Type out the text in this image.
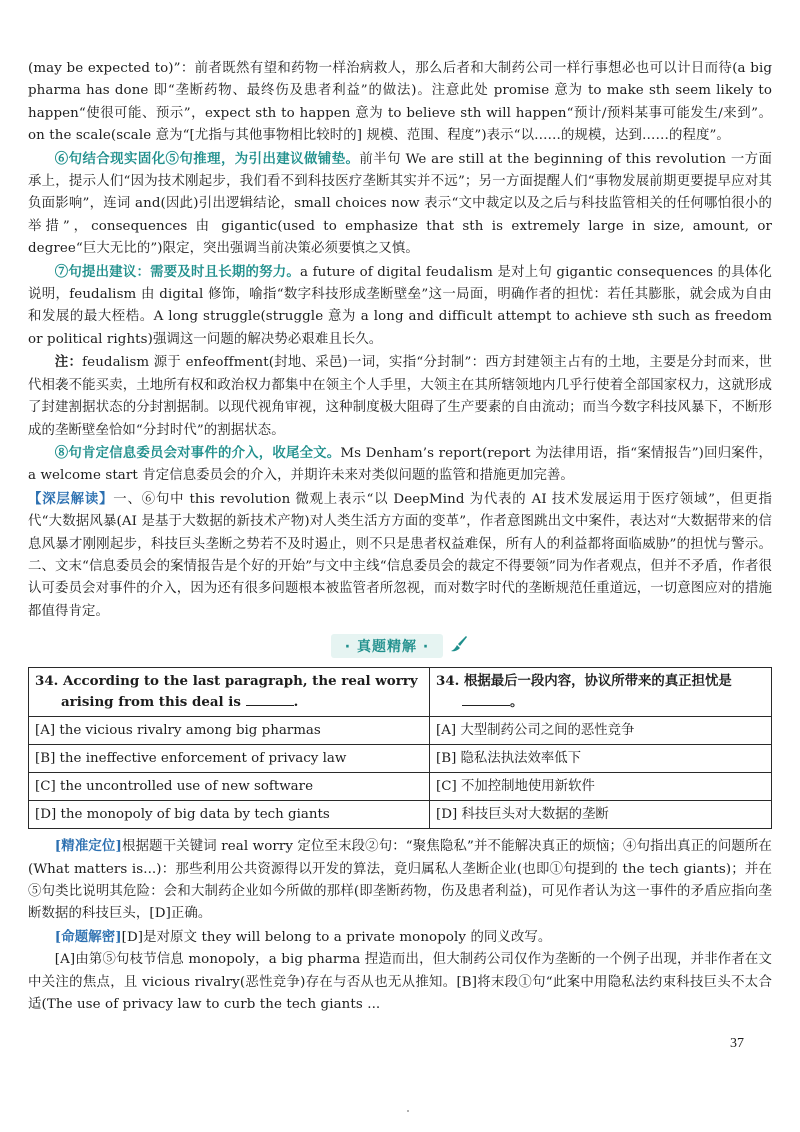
(may be expected to)”：前者既然有望和药物一样治病救人，那么后者和大制药公司一样行事想必也可以计日而待(a big pharma has done 即“垄断药物、最终伤及患者利益”的做法)。注意此处 promise 意为 to make sth seem likely to happen“使很可能、预示”，expect sth to happen 意为 to believe sth will happen“预计/预料某事可能发生/来到”。on the scale(scale 意为“[尤指与其他事物相比较时的] 规模、范围、程度”)表示“以……的规模，达到……的程度”。

⑥句结合现实固化⑤句推理，为引出建议做铺垫。前半句 We are still at the beginning of this revolution 一方面承上，提示人们“因为技术刚起步，我们看不到科技医疗垄断其实并不远”；另一方面提醒人们“事物发展前期更要提早应对其负面影响”，连词 and(因此)引出逻辑结论，small choices now 表示“文中裁定以及之后与科技监管相关的任何哪怕很小的举措”，consequences 由 gigantic(used to emphasize that sth is extremely large in size, amount, or degree“巨大无比的”)限定，突出强调当前决策必须要慎之又慎。

⑦句提出建议：需要及时且长期的努力。a future of digital feudalism 是对上句 gigantic consequences 的具体化说明，feudalism 由 digital 修饰，喻指“数字科技形成垄断壁垒”这一局面，明确作者的担忧：若任其膨胀，就会成为自由和发展的最大桎梏。A long struggle(struggle 意为 a long and difficult attempt to achieve sth such as freedom or political rights)强调这一问题的解决势必艰难且长久。

注：feudalism 源于 enfeoffment(封地、采邑)一词，实指“分封制”：西方封建领主占有的土地，主要是分封而来，世代相袭不能买卖，土地所有权和政治权力都集中在领主个人手里，大领主在其所辖领地内几乎行使着全部国家权力，这就形成了封建割据状态的分封割据制。以现代视角审视，这种制度极大阻碍了生产要素的自由流动；而当今数字科技风暴下，不断形成的垄断壁垒恰如“分封时代”的割据状态。

⑧句肯定信息委员会对事件的介入，收尾全文。Ms Denham’s report(report 为法律用语，指“案情报告”)回归案件，a welcome start 肯定信息委员会的介入，并期许未来对类似问题的监管和措施更加完善。

【深层解读】一、⑥句中 this revolution 微观上表示“以 DeepMind 为代表的 AI 技术发展运用于医疗领域”，但更指代“大数据风暴(AI 是基于大数据的新技术产物)对人类生活方方面的变革”，作者意图跳出文中案件，表达对“大数据带来的信息风暴才刚刚起步，科技巨头垄断之势若不及时遏止，则不只是患者权益难保，所有人的利益都将面临威胁”的担忧与警示。二、文末“信息委员会的案情报告是个好的开始”与文中主线“信息委员会的裁定不得要领”同为作者观点，但并不矛盾，作者很认可委员会对事件的介入，因为还有很多问题根本被监管者所忽视，而对数字时代的垄断规范任重道远，一切意图应对的措施都值得肯定。

· 真题精解 ·
34. According to the last paragraph, the real worry arising from this deal is .	34. 根据最后一段内容，协议所带来的真正担忧是。

[A] the vicious rivalry among big pharmas	[A] 大型制药公司之间的恶性竞争
[B] the ineffective enforcement of privacy law	[B] 隐私法执法效率低下
[C] the uncontrolled use of new software	[C] 不加控制地使用新软件
[D] the monopoly of big data by tech giants	[D] 科技巨头对大数据的垄断

[精准定位]根据题干关键词 real worry 定位至末段②句：“聚焦隐私”并不能解决真正的烦恼；④句指出真正的问题所在(What matters is...)：那些利用公共资源得以开发的算法，竟归属私人垄断企业(也即①句提到的 the tech giants)；并在⑤句类比说明其危险：会和大制药企业如今所做的那样(即垄断药物，伤及患者利益)，可见作者认为这一事件的矛盾应指向垄断数据的科技巨头，[D]正确。

[命题解密][D]是对原文 they will belong to a private monopoly 的同义改写。

[A]由第⑤句枝节信息 monopoly，a big pharma 捏造而出，但大制药公司仅作为垄断的一个例子出现，并非作者在文中关注的焦点，且 vicious rivalry(恶性竞争)存在与否从也无从推知。[B]将末段①句“此案中用隐私法约束科技巨头不太合适(The use of privacy law to curb the tech giants ...

37
